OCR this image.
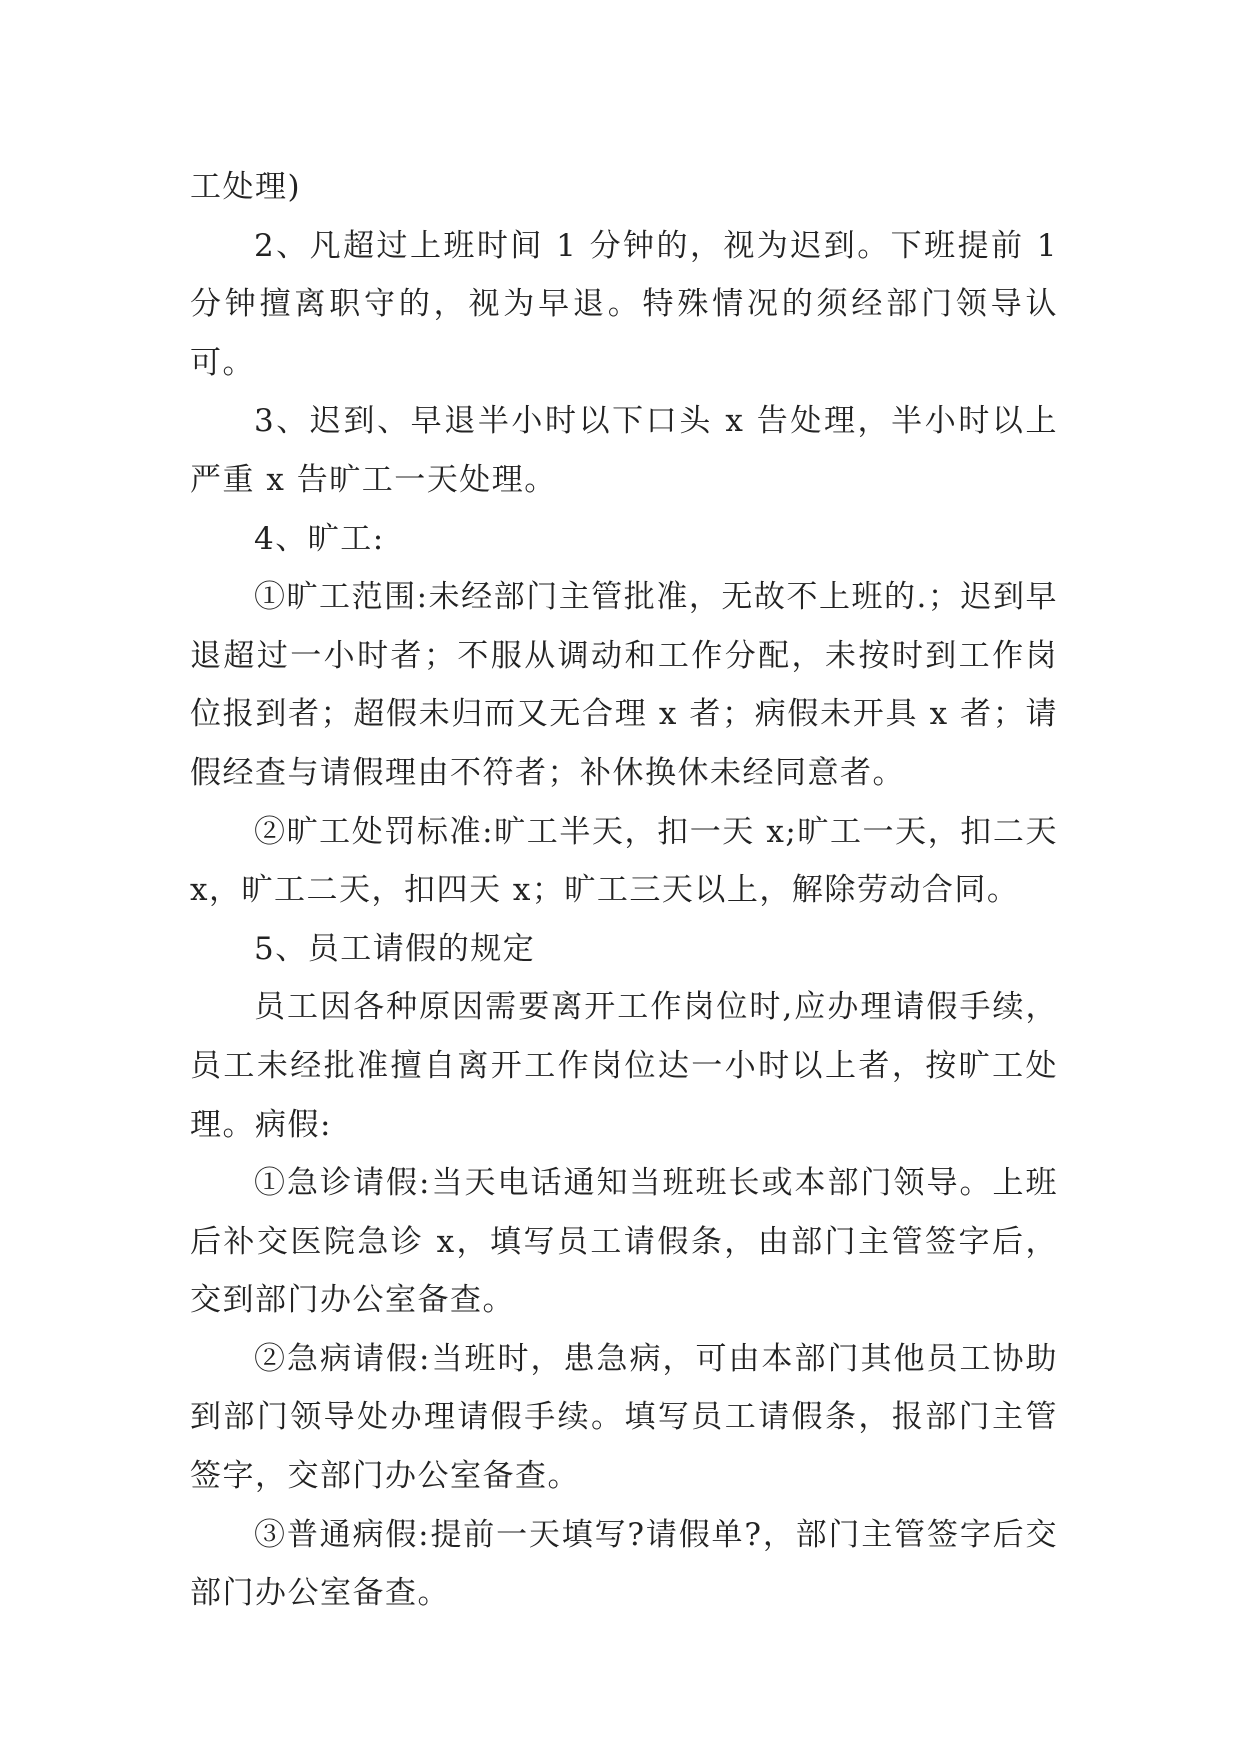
工处理)

2、凡超过上班时间 1 分钟的，视为迟到。下班提前 1 分钟擅离职守的，视为早退。特殊情况的须经部门领导认可。

3、迟到、早退半小时以下口头 x 告处理，半小时以上严重 x 告旷工一天处理。

4、旷工:

①旷工范围:未经部门主管批准，无故不上班的.；迟到早退超过一小时者；不服从调动和工作分配，未按时到工作岗位报到者；超假未归而又无合理 x 者；病假未开具 x 者；请假经查与请假理由不符者；补休换休未经同意者。

②旷工处罚标准:旷工半天，扣一天 x;旷工一天，扣二天 x，旷工二天，扣四天 x；旷工三天以上，解除劳动合同。

5、员工请假的规定

员工因各种原因需要离开工作岗位时,应办理请假手续，员工未经批准擅自离开工作岗位达一小时以上者，按旷工处理。病假:

①急诊请假:当天电话通知当班班长或本部门领导。上班后补交医院急诊 x，填写员工请假条，由部门主管签字后，交到部门办公室备查。

②急病请假:当班时，患急病，可由本部门其他员工协助到部门领导处办理请假手续。填写员工请假条，报部门主管签字，交部门办公室备查。

③普通病假:提前一天填写?请假单?，部门主管签字后交部门办公室备查。
